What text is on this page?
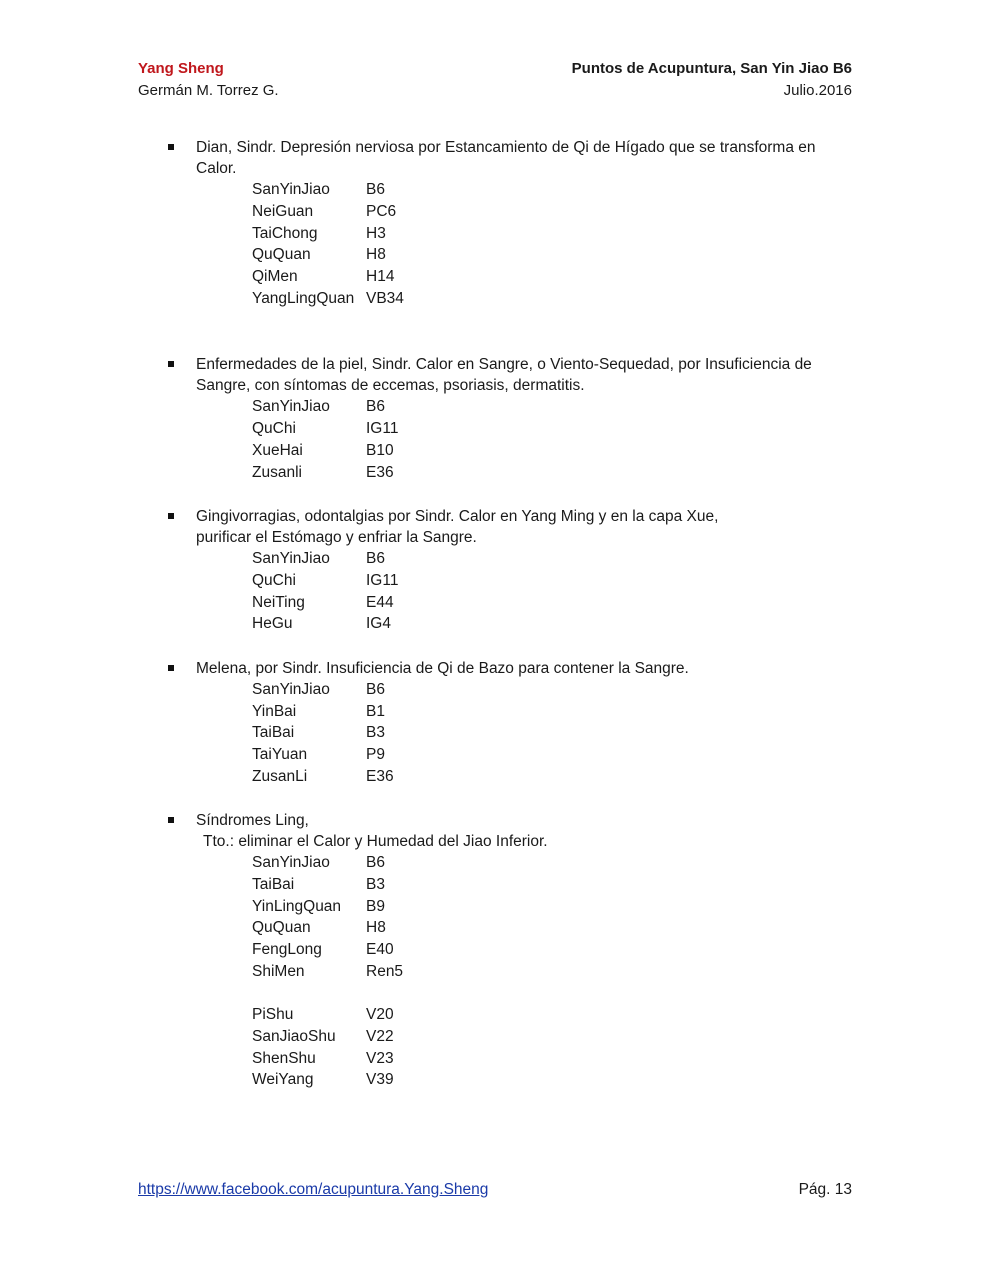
Yang Sheng
Germán M. Torrez G.
Puntos de Acupuntura, San Yin Jiao B6
Julio.2016
Dian, Sindr. Depresión nerviosa por Estancamiento de Qi de Hígado que se transforma en
Calor.
SanYinJiao B6
NeiGuan	PC6
TaiChong	H3
QuQuan	H8
QiMen	H14
YangLingQuan VB34
Enfermedades de la piel, Sindr. Calor en Sangre, o Viento-Sequedad, por Insuficiencia de
Sangre, con síntomas de eccemas, psoriasis, dermatitis.
SanYinJiao B6
QuChi	IG11
XueHai	B10
Zusanli	E36
Gingivorragias, odontalgias por Sindr. Calor en Yang Ming y en la capa Xue,
purificar el Estómago y enfriar la Sangre.
SanYinJiao B6
QuChi	IG11
NeiTing	E44
HeGu	IG4
Melena, por Sindr. Insuficiencia de Qi de Bazo para contener la Sangre.
SanYinJiao B6
YinBai	B1
TaiBai	B3
TaiYuan	P9
ZusanLi	E36
Síndromes Ling,
Tto.: eliminar el Calor y Humedad del Jiao Inferior.
SanYinJiao B6
TaiBai	B3
YinLingQuan B9
QuQuan	H8
FengLong	E40
ShiMen	Ren5
PiShu	V20
SanJiaoShu V22
ShenShu	V23
WeiYang	V39
https://www.facebook.com/acupuntura.Yang.Sheng	Pág. 13
